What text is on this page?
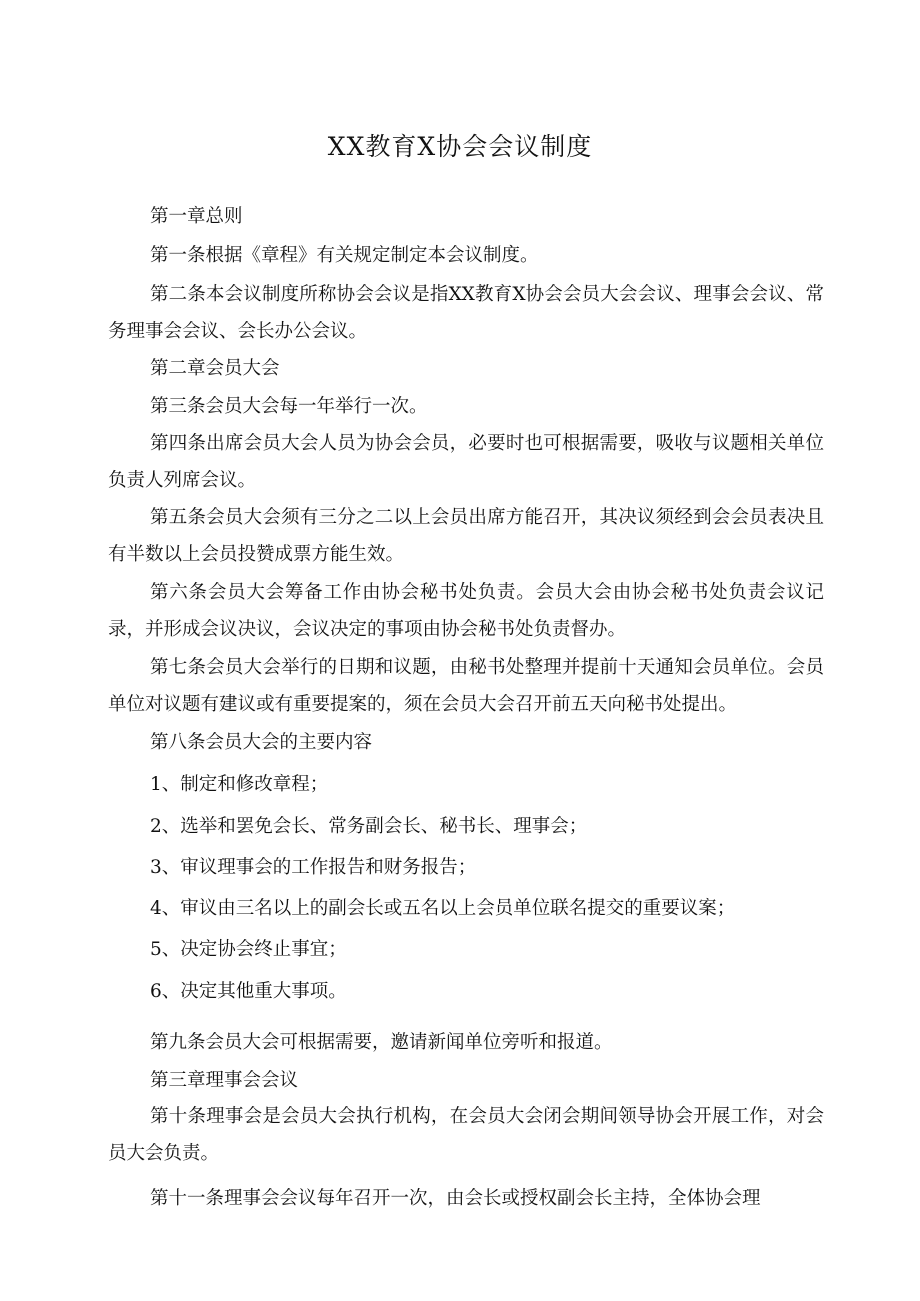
XX教育X协会会议制度
第一章总则
第一条根据《章程》有关规定制定本会议制度。
第二条本会议制度所称协会会议是指XX教育X协会会员大会会议、理事会会议、常务理事会会议、会长办公会议。
第二章会员大会
第三条会员大会每一年举行一次。
第四条出席会员大会人员为协会会员，必要时也可根据需要，吸收与议题相关单位负责人列席会议。
第五条会员大会须有三分之二以上会员出席方能召开，其决议须经到会会员表决且有半数以上会员投赞成票方能生效。
第六条会员大会筹备工作由协会秘书处负责。会员大会由协会秘书处负责会议记录，并形成会议决议，会议决定的事项由协会秘书处负责督办。
第七条会员大会举行的日期和议题，由秘书处整理并提前十天通知会员单位。会员单位对议题有建议或有重要提案的，须在会员大会召开前五天向秘书处提出。
第八条会员大会的主要内容
1、制定和修改章程；
2、选举和罢免会长、常务副会长、秘书长、理事会；
3、审议理事会的工作报告和财务报告；
4、审议由三名以上的副会长或五名以上会员单位联名提交的重要议案；
5、决定协会终止事宜；
6、决定其他重大事项。
第九条会员大会可根据需要，邀请新闻单位旁听和报道。
第三章理事会会议
第十条理事会是会员大会执行机构，在会员大会闭会期间领导协会开展工作，对会员大会负责。
第十一条理事会会议每年召开一次，由会长或授权副会长主持，全体协会理
